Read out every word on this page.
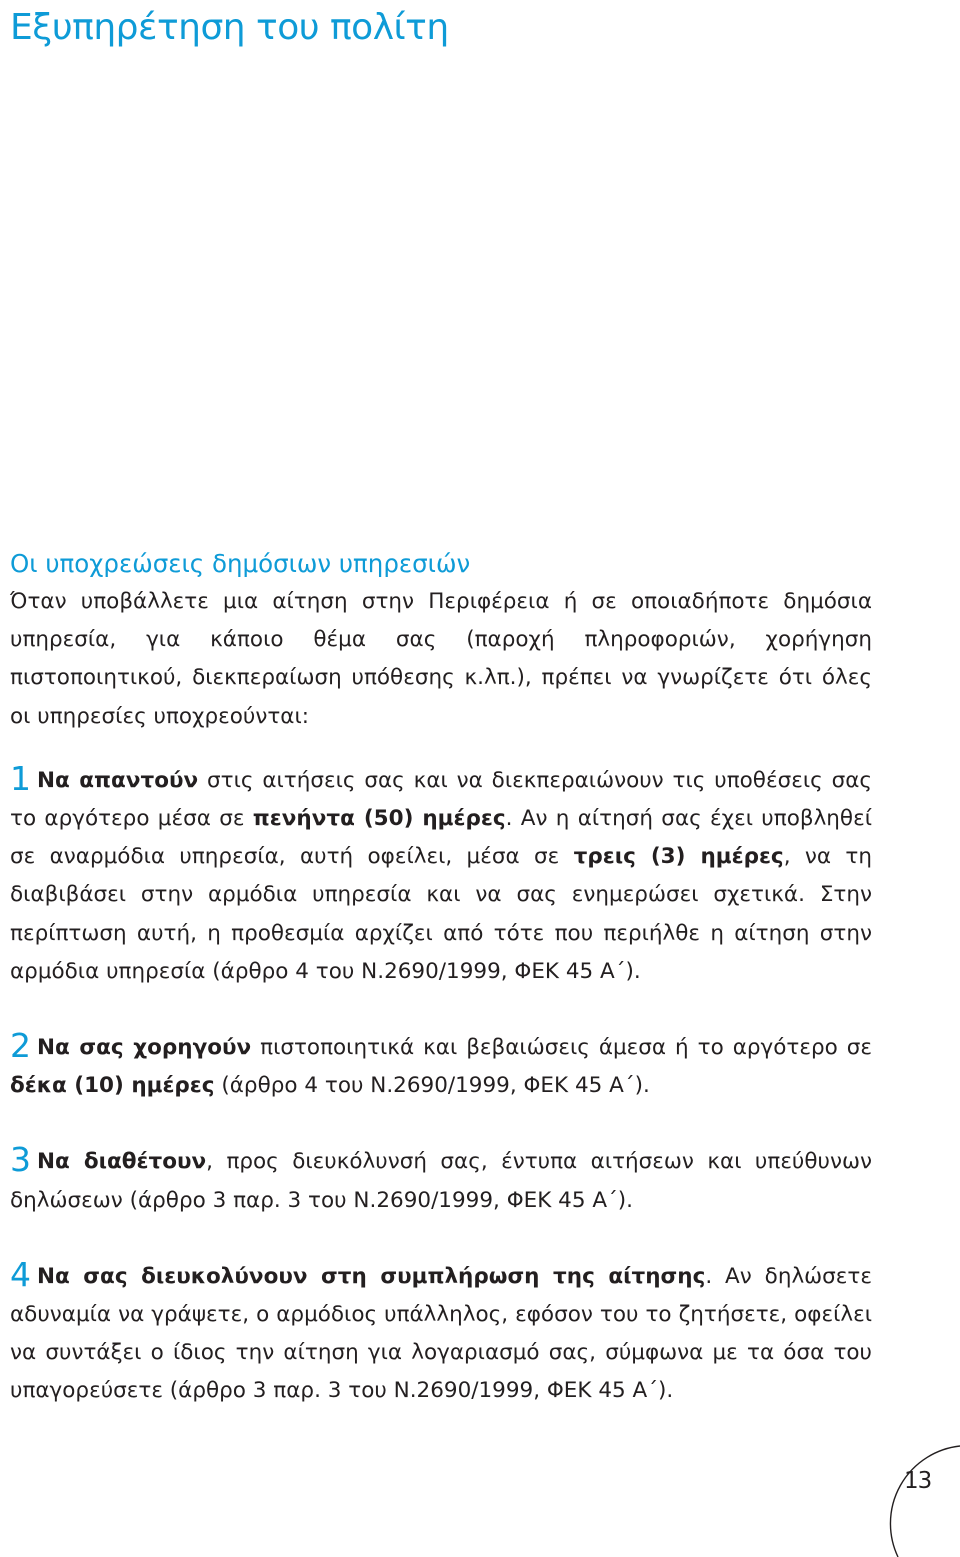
Εξυπηρέτηση του πολίτη
Οι υποχρεώσεις δημόσιων υπηρεσιών

Όταν υποβάλλετε μια αίτηση στην Περιφέρεια ή σε οποιαδήποτε δημόσια υπηρεσία, για κάποιο θέμα σας (παροχή πληροφοριών, χορήγηση πιστοποιητικού, διεκπεραίωση υπόθεσης κ.λπ.), πρέπει να γνωρίζετε ότι όλες οι υπηρεσίες υποχρεούνται:

1 Να απαντούν στις αιτήσεις σας και να διεκπεραιώνουν τις υποθέσεις σας το αργότερο μέσα σε πενήντα (50) ημέρες. Αν η αίτησή σας έχει υποβληθεί σε αναρμόδια υπηρεσία, αυτή οφείλει, μέσα σε τρεις (3) ημέρες, να τη διαβιβάσει στην αρμόδια υπηρεσία και να σας ενημερώσει σχετικά. Στην περίπτωση αυτή, η προθεσμία αρχίζει από τότε που περιήλθε η αίτηση στην αρμόδια υπηρεσία (άρθρο 4 του Ν.2690/1999, ΦΕΚ 45 Α΄).

2 Να σας χορηγούν πιστοποιητικά και βεβαιώσεις άμεσα ή το αργότερο σε δέκα (10) ημέρες (άρθρο 4 του Ν.2690/1999, ΦΕΚ 45 Α΄).

3 Να διαθέτουν, προς διευκόλυνσή σας, έντυπα αιτήσεων και υπεύθυνων δηλώσεων (άρθρο 3 παρ. 3 του Ν.2690/1999, ΦΕΚ 45 Α΄).

4 Να σας διευκολύνουν στη συμπλήρωση της αίτησης. Αν δηλώσετε αδυναμία να γράψετε, ο αρμόδιος υπάλληλος, εφόσον του το ζητήσετε, οφείλει να συντάξει ο ίδιος την αίτηση για λογαριασμό σας, σύμφωνα με τα όσα του υπαγορεύσετε (άρθρο 3 παρ. 3 του Ν.2690/1999, ΦΕΚ 45 Α΄).

13
